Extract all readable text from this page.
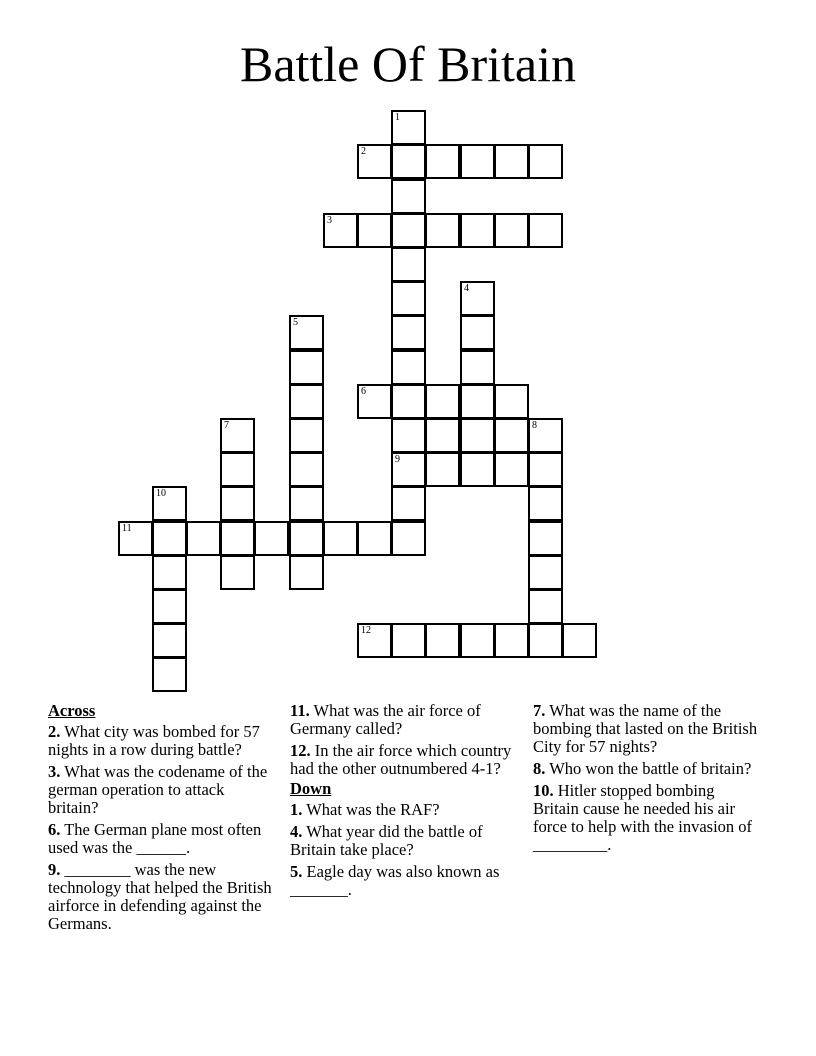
Battle Of Britain
1
2
3
4
5
6
7	8
9
10
11
12
Across
2. What city was bombed for 57 nights in a row during battle?
3. What was the codename of the german operation to attack britain?
6. The German plane most often used was the ______.
9. ________ was the new technology that helped the British airforce in defending against the Germans.
11. What was the air force of Germany called?
12. In the air force which country had the other outnumbered 4-1?
Down
1. What was the RAF?
4. What year did the battle of Britain take place?
5. Eagle day was also known as _______.
7. What was the name of the bombing that lasted on the British City for 57 nights?
8. Who won the battle of britain?
10. Hitler stopped bombing Britain cause he needed his air force to help with the invasion of _________.
